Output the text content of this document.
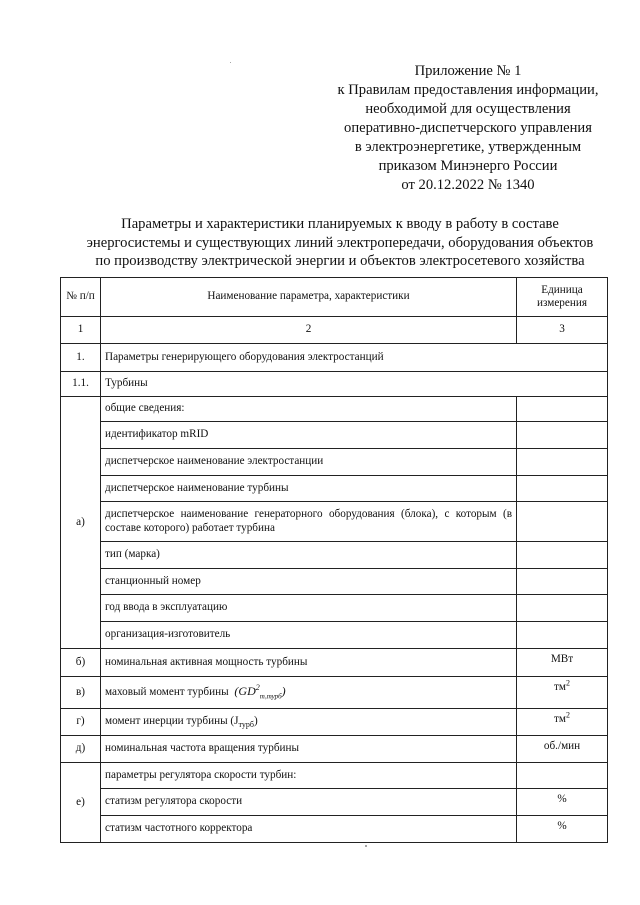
Приложение № 1
к Правилам предоставления информации,
необходимой для осуществления
оперативно-диспетчерского управления
в электроэнергетике, утвержденным
приказом Минэнерго России
от 20.12.2022 № 1340
Параметры и характеристики планируемых к вводу в работу в составе
энергосистемы и существующих линий электропередачи, оборудования объектов
по производству электрической энергии и объектов электросетевого хозяйства
№ п/п	Наименование параметра, характеристики	Единица
измерения

1	2	3
1.	Параметры генерирующего оборудования электростанций	
1.1.	Турбины	
а)	общие сведения:	
	идентификатор mRID	
	диспетчерское наименование электростанции	
	диспетчерское наименование турбины	
	диспетчерское наименование генераторного оборудования (блока), с которым (в составе которого) работает турбина	
	тип (марка)	
	станционный номер	
	год ввода в эксплуатацию	
	организация-изготовитель	
б)	номинальная активная мощность турбины	МВт
в)	маховый момент турбины  $(GD^2_{т,турб})$	$тм^2$
г)	момент инерции турбины $(J_{турб})$	$тм^2$
д)	номинальная частота вращения турбины	об./мин
е)	параметры регулятора скорости турбин:	
	статизм регулятора скорости	%
	статизм частотного корректора	%
